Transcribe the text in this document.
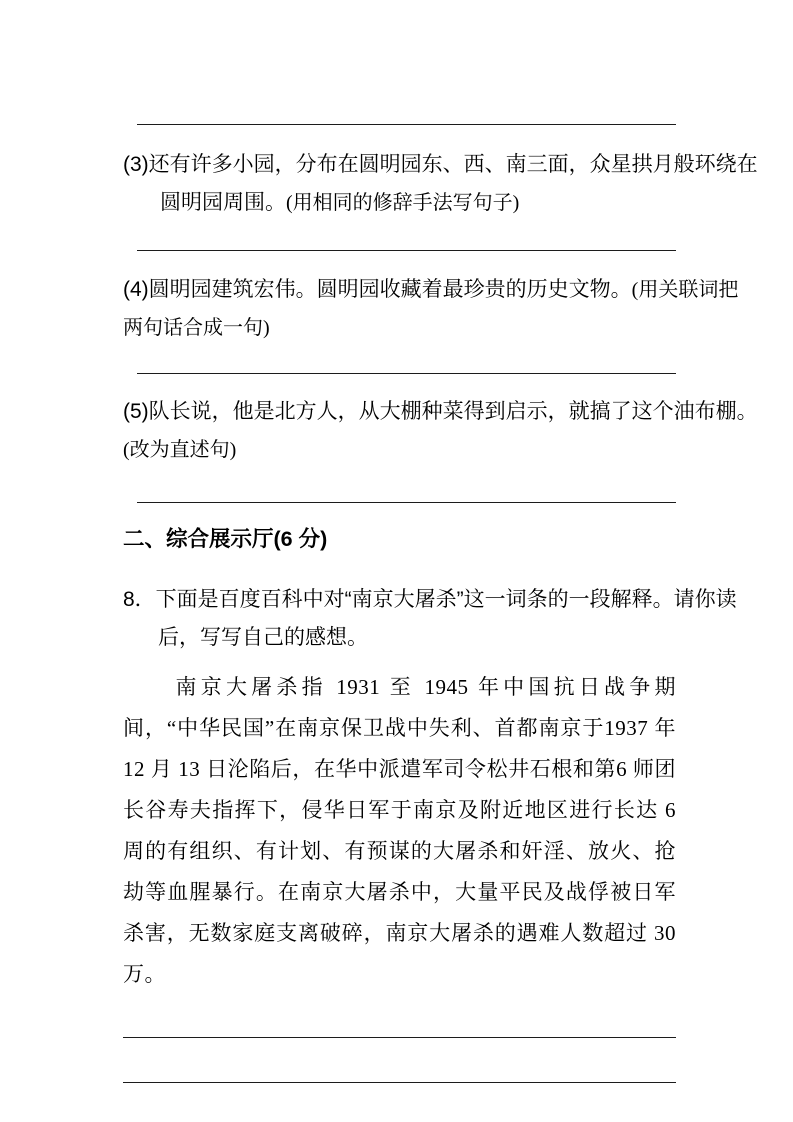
(3)还有许多小园，分布在圆明园东、西、南三面，众星拱月般环绕在
圆明园周围。(用相同的修辞手法写句子)
(4)圆明园建筑宏伟。圆明园收藏着最珍贵的历史文物。(用关联词把
两句话合成一句)
(5)队长说，他是北方人，从大棚种菜得到启示，就搞了这个油布棚。
(改为直述句)
二、综合展示厅(6 分)
8．下面是百度百科中对“南京大屠杀”这一词条的一段解释。请你读
后，写写自己的感想。
南京大屠杀指 1931 至 1945 年中国抗日战争期间，“中华民国”在南京保卫战中失利、首都南京于1937 年 12 月 13 日沦陷后，在华中派遣军司令松井石根和第6 师团长谷寿夫指挥下，侵华日军于南京及附近地区进行长达 6 周的有组织、有计划、有预谋的大屠杀和奸淫、放火、抢劫等血腥暴行。在南京大屠杀中，大量平民及战俘被日军杀害，无数家庭支离破碎，南京大屠杀的遇难人数超过 30 万。
